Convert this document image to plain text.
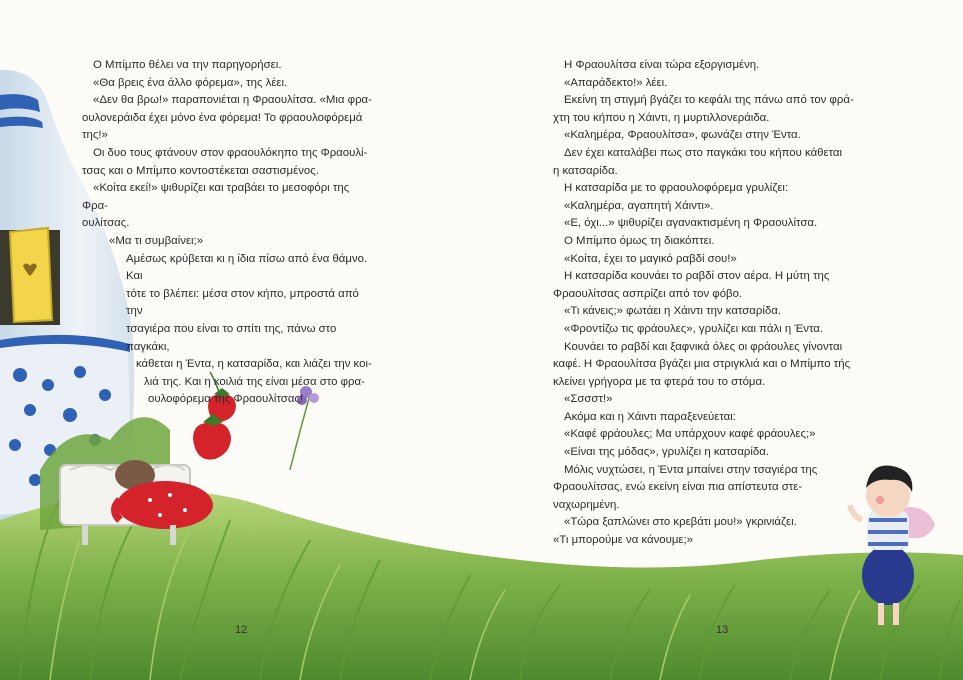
Ο Μπίμπο θέλει να την παρηγορήσει.

«Θα βρεις ένα άλλο φόρεμα», της λέει.

«Δεν θα βρω!» παραπονιέται η Φραουλίτσα. «Μια φρα-

ουλονεράιδα έχει μόνο ένα φόρεμα! Το φραουλοφόρεμά

της!»

Οι δυο τους φτάνουν στον φραουλόκηπο της Φραουλί-

τσας και ο Μπίμπο κοντοστέκεται σαστισμένος.

«Κοίτα εκεί!» ψιθυρίζει και τραβάει το μεσοφόρι της Φρα-

ουλίτσας.

«Μα τι συμβαίνει;»

Αμέσως κρύβεται κι η ίδια πίσω από ένα θάμνο. Και

τότε το βλέπει: μέσα στον κήπο, μπροστά από την

τσαγιέρα που είναι το σπίτι της, πάνω στο παγκάκι,

κάθεται η Έντα, η κατσαρίδα, και λιάζει την κοι-

λιά της. Και η κοιλιά της είναι μέσα στο φρα-

ουλοφόρεμα της Φραουλίτσας!

Η Φραουλίτσα είναι τώρα εξοργισμένη.

«Απαράδεκτο!» λέει.

Εκείνη τη στιγμή βγάζει το κεφάλι της πάνω από τον φρά-

χτη του κήπου η Χάιντι, η μυρτιλλονεράιδα.

«Καλημέρα, Φραουλίτσα», φωνάζει στην Έντα.

Δεν έχει καταλάβει πως στο παγκάκι του κήπου κάθεται

η κατσαρίδα.

Η κατσαρίδα με το φραουλοφόρεμα γρυλίζει:

«Καλημέρα, αγαπητή Χάιντι».

«Ε, όχι...» ψιθυρίζει αγανακτισμένη η Φραουλίτσα.

Ο Μπίμπο όμως τη διακόπτει.

«Κοίτα, έχει το μαγικό ραβδί σου!»

Η κατσαρίδα κουνάει το ραβδί στον αέρα. Η μύτη της

Φραουλίτσας ασπρίζει από τον φόβο.

«Τι κάνεις;» φωτάει η Χάιντι την κατσαρίδα.

«Φροντίζω τις φράουλες», γρυλίζει και πάλι η Έντα.

Κουνάει το ραβδί και ξαφνικά όλες οι φράουλες γίνονται

καφέ. Η Φραουλίτσα βγάζει μια στριγκλιά και ο Μπίμπο τής

κλείνει γρήγορα με τα φτερά του το στόμα.

«Σσσστ!»

Ακόμα και η Χάιντι παραξενεύεται:

«Καφέ φράουλες; Μα υπάρχουν καφέ φράουλες;»

«Είναι της μόδας», γρυλίζει η κατσαρίδα.

Μόλις νυχτώσει, η Έντα μπαίνει στην τσαγιέρα της

Φραουλίτσας, ενώ εκείνη είναι πια απίστευτα στε-

ναχωρημένη.

«Τώρα ξαπλώνει στο κρεβάτι μου!» γκρινιάζει.

«Τι μπορούμε να κάνουμε;»

12	13
